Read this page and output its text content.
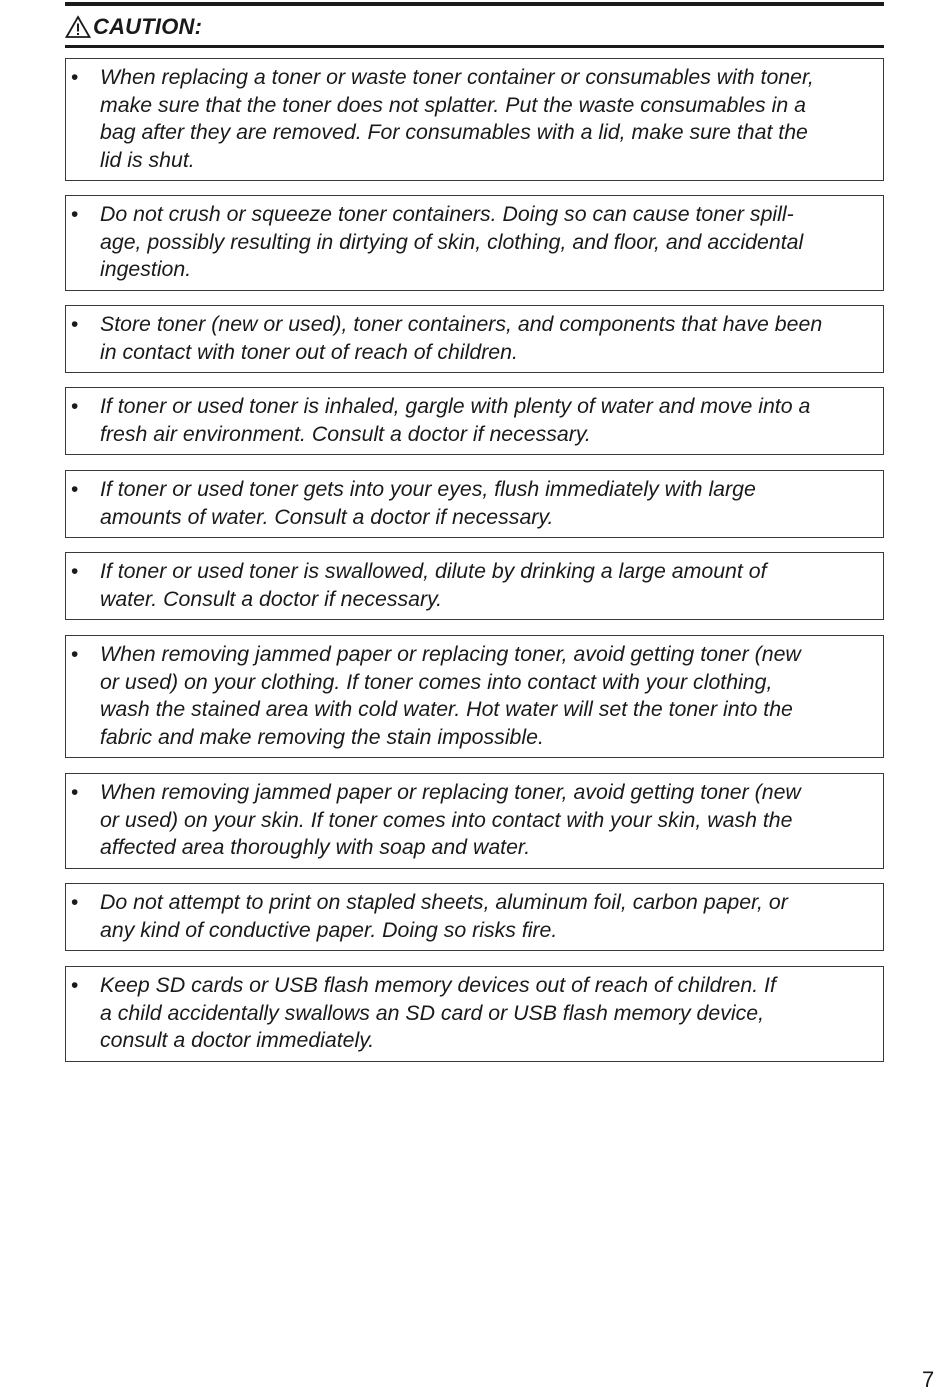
CAUTION:
• When replacing a toner or waste toner container or consumables with toner,
make sure that the toner does not splatter. Put the waste consumables in a
bag after they are removed. For consumables with a lid, make sure that the
lid is shut.
• Do not crush or squeeze toner containers. Doing so can cause toner spill-
age, possibly resulting in dirtying of skin, clothing, and floor, and accidental
ingestion.
• Store toner (new or used), toner containers, and components that have been
in contact with toner out of reach of children.
• If toner or used toner is inhaled, gargle with plenty of water and move into a
fresh air environment. Consult a doctor if necessary.
• If toner or used toner gets into your eyes, flush immediately with large
amounts of water. Consult a doctor if necessary.
• If toner or used toner is swallowed, dilute by drinking a large amount of
water. Consult a doctor if necessary.
• When removing jammed paper or replacing toner, avoid getting toner (new
or used) on your clothing. If toner comes into contact with your clothing,
wash the stained area with cold water. Hot water will set the toner into the
fabric and make removing the stain impossible.
• When removing jammed paper or replacing toner, avoid getting toner (new
or used) on your skin. If toner comes into contact with your skin, wash the
affected area thoroughly with soap and water.
• Do not attempt to print on stapled sheets, aluminum foil, carbon paper, or
any kind of conductive paper. Doing so risks fire.
• Keep SD cards or USB flash memory devices out of reach of children. If
a child accidentally swallows an SD card or USB flash memory device,
consult a doctor immediately.
7
